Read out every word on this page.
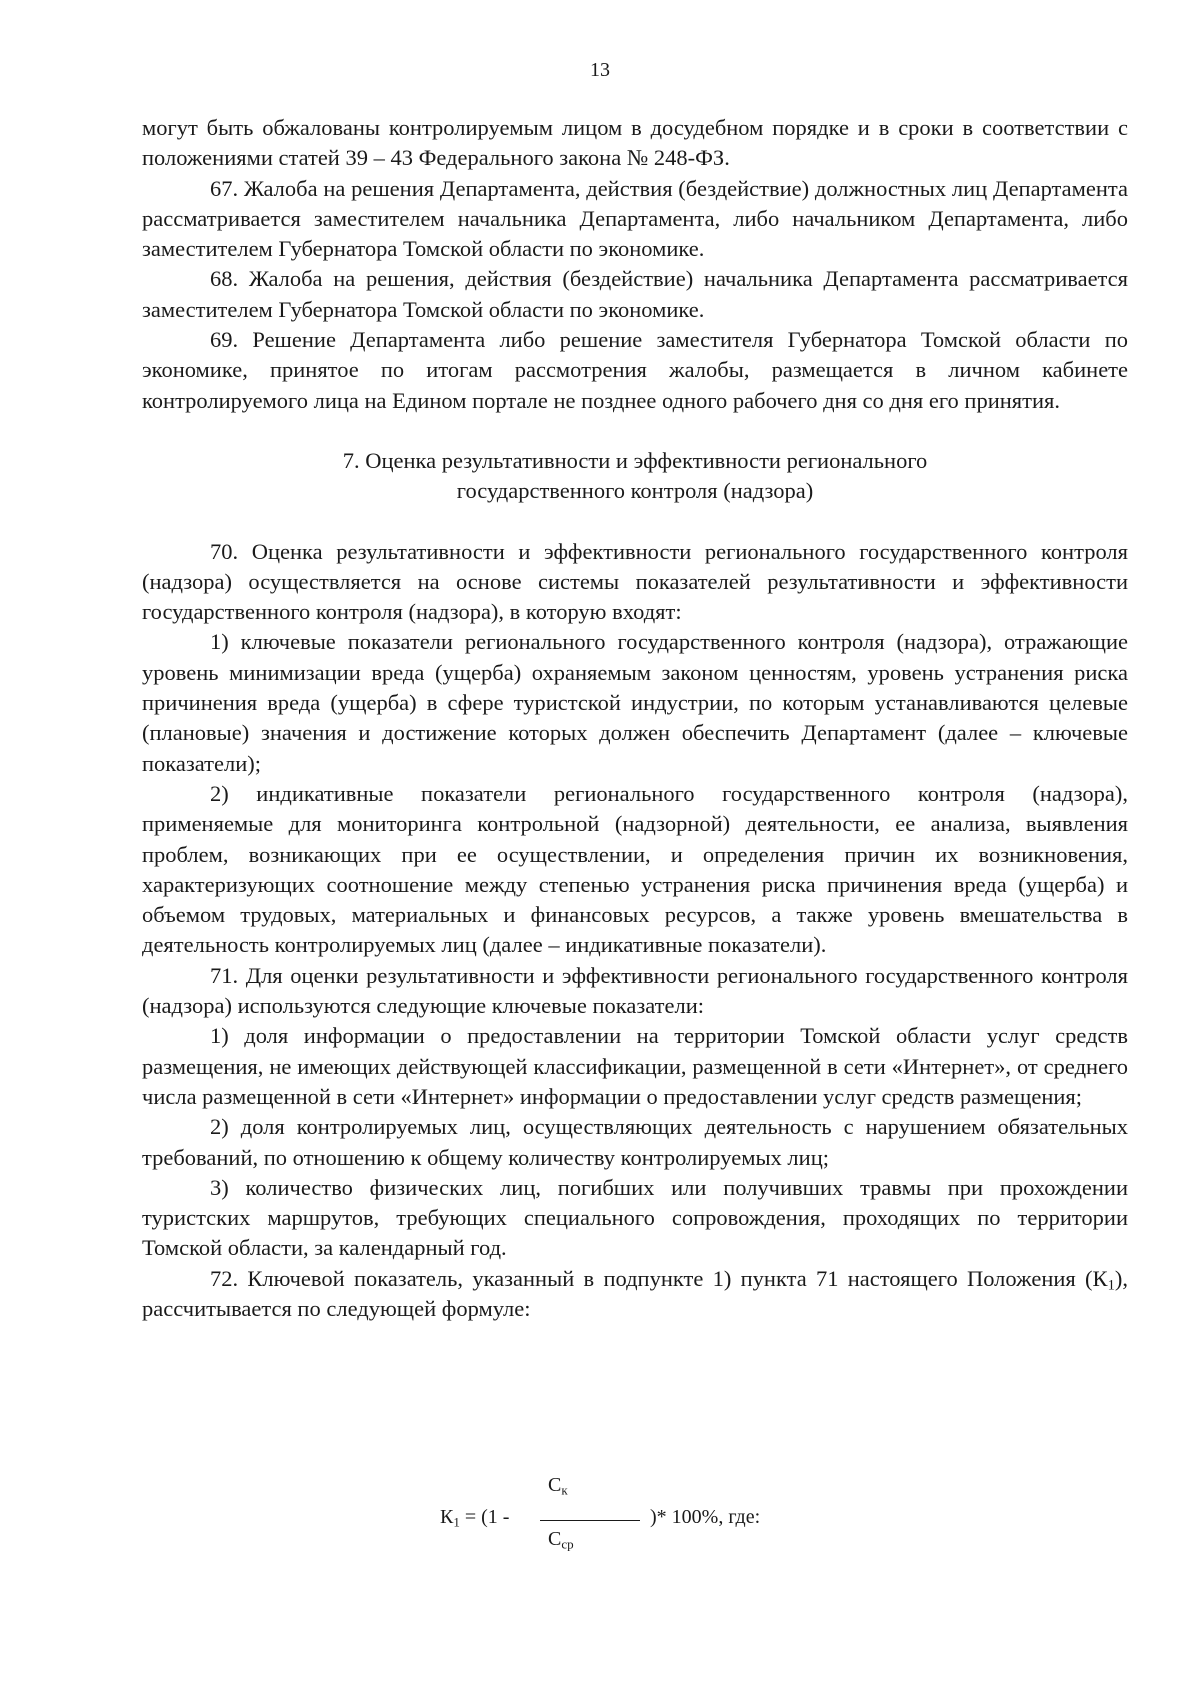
13

могут быть обжалованы контролируемым лицом в досудебном порядке и в сроки в соответствии с положениями статей 39 – 43 Федерального закона № 248-ФЗ.

67. Жалоба на решения Департамента, действия (бездействие) должностных лиц Департамента рассматривается заместителем начальника Департамента, либо начальником Департамента, либо заместителем Губернатора Томской области по экономике.

68. Жалоба на решения, действия (бездействие) начальника Департамента рассматривается заместителем Губернатора Томской области по экономике.

69. Решение Департамента либо решение заместителя Губернатора Томской области по экономике, принятое по итогам рассмотрения жалобы, размещается в личном кабинете контролируемого лица на Едином портале не позднее одного рабочего дня со дня его принятия.

7. Оценка результативности и эффективности регионального
государственного контроля (надзора)

70. Оценка результативности и эффективности регионального государственного контроля (надзора) осуществляется на основе системы показателей результативности и эффективности государственного контроля (надзора), в которую входят:

1) ключевые показатели регионального государственного контроля (надзора), отражающие уровень минимизации вреда (ущерба) охраняемым законом ценностям, уровень устранения риска причинения вреда (ущерба) в сфере туристской индустрии, по которым устанавливаются целевые (плановые) значения и достижение которых должен обеспечить Департамент (далее – ключевые показатели);

2) индикативные показатели регионального государственного контроля (надзора), применяемые для мониторинга контрольной (надзорной) деятельности, ее анализа, выявления проблем, возникающих при ее осуществлении, и определения причин их возникновения, характеризующих соотношение между степенью устранения риска причинения вреда (ущерба) и объемом трудовых, материальных и финансовых ресурсов, а также уровень вмешательства в деятельность контролируемых лиц (далее – индикативные показатели).

71. Для оценки результативности и эффективности регионального государственного контроля (надзора) используются следующие ключевые показатели:

1) доля информации о предоставлении на территории Томской области услуг средств размещения, не имеющих действующей классификации, размещенной в сети «Интернет», от среднего числа размещенной в сети «Интернет» информации о предоставлении услуг средств размещения;

2) доля контролируемых лиц, осуществляющих деятельность с нарушением обязательных требований, по отношению к общему количеству контролируемых лиц;

3) количество физических лиц, погибших или получивших травмы при прохождении туристских маршрутов, требующих специального сопровождения, проходящих по территории Томской области, за календарный год.

72. Ключевой показатель, указанный в подпункте 1) пункта 71 настоящего Положения $(К_1)$, рассчитывается по следующей формуле:

$К_1 = (1$ -
$С_к$
$С_{ср}$
)* 100%, где:
